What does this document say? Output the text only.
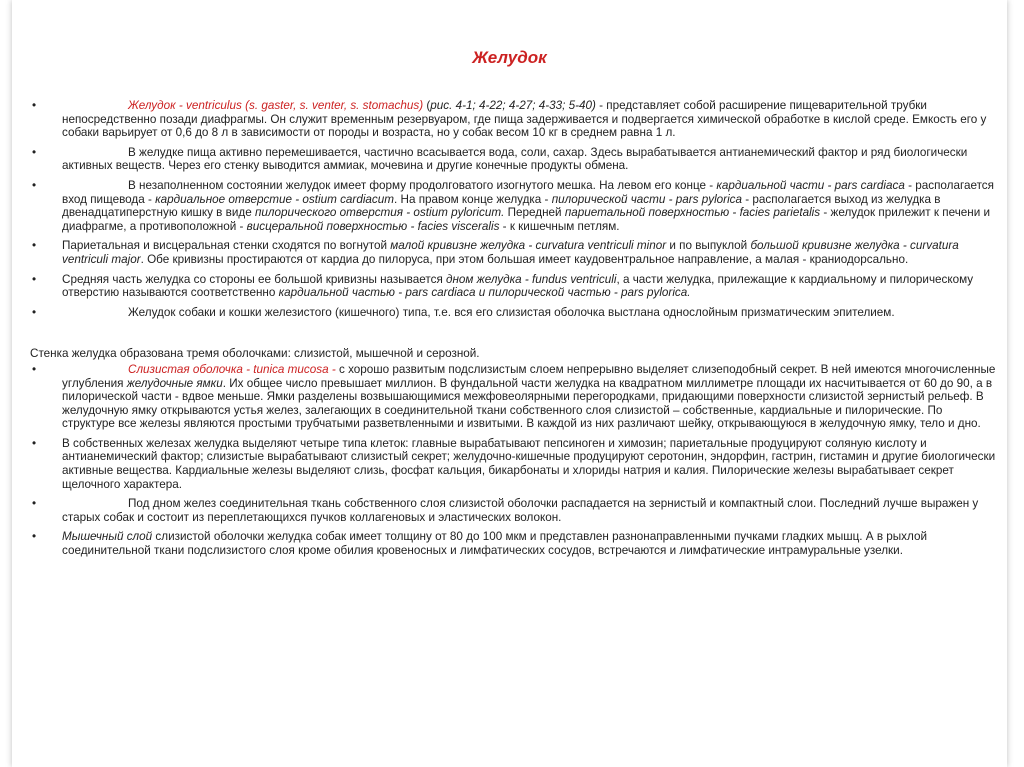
Желудок
•	Желудок - ventriculus (s. gaster, s. venter, s. stomachus) (рис. 4-1; 4-22; 4-27; 4-33; 5-40) - представляет собой расширение пищеварительной трубки непосредственно позади диафрагмы. Он служит временным резервуаром, где пища задерживается и подвергается химической обработке в кислой среде. Емкость его у собаки варьирует от 0,6 до 8 л в зависимости от породы и возраста, но у собак весом 10 кг в среднем равна 1 л.
•	В желудке пища активно перемешивается, частично всасывается вода, соли, сахар. Здесь вырабатывается антианемический фактор и ряд биологически активных веществ. Через его стенку выводится аммиак, мочевина и другие конечные продукты обмена.
•	В незаполненном состоянии желудок имеет форму продолговатого изогнутого мешка. На левом его конце - кардиальной части - pars cardiaca - располагается вход пищевода - кардиальное отверстие - ostium cardiacum. На правом конце желудка - пилорической части - pars pylorica - располагается выход из желудка в двенадцатиперстную кишку в виде пилорического отверстия - ostium pyloricum. Передней париетальной поверхностью - facies parietalis - желудок прилежит к печени и диафрагме, а противоположной - висцеральной поверхностью - facies visceralis - к кишечным петлям.
• Париетальная и висцеральная стенки сходятся по вогнутой малой кривизне желудка - curvatura ventriculi minor и по выпуклой большой кривизне желудка - curvatura ventriculi major. Обе кривизны простираются от кардиа до пилоруса, при этом большая имеет каудовентральное направление, а малая - краниодорсально.
• Средняя часть желудка со стороны ее большой кривизны называется дном желудка - fundus ventriculi, а части желудка, прилежащие к кардиальному и пилорическому отверстию называются соответственно кардиальной частью - pars cardiaca и пилорической частью - pars pylorica.
•	Желудок собаки и кошки железистого (кишечного) типа, т.е. вся его слизистая оболочка выстлана однослойным призматическим эпителием.
Стенка желудка образована тремя оболочками: слизистой, мышечной и серозной.
•	Слизистая оболочка - tunica mucosa - с хорошо развитым подслизистым слоем непрерывно выделяет слизеподобный секрет. В ней имеются многочисленные углубления желудочные ямки. Их общее число превышает миллион. В фундальной части желудка на квадратном миллиметре площади их насчитывается от 60 до 90, а в пилорической части - вдвое меньше. Ямки разделены возвышающимися межфовеолярными перегородками, придающими поверхности слизистой зернистый рельеф. В желудочную ямку открываются устья желез, залегающих в соединительной ткани собственного слоя слизистой – собственные, кардиальные и пилорические. По структуре все железы являются простыми трубчатыми разветвленными и извитыми. В каждой из них различают шейку, открывающуюся в желудочную ямку, тело и дно.
• В собственных железах желудка выделяют четыре типа клеток: главные вырабатывают пепсиноген и химозин; париетальные продуцируют соляную кислоту и антианемический фактор; слизистые вырабатывают слизистый секрет; желудочно-кишечные продуцируют серотонин, эндорфин, гастрин, гистамин и другие биологически активные вещества. Кардиальные железы выделяют слизь, фосфат кальция, бикарбонаты и хлориды натрия и калия. Пилорические железы вырабатывает секрет щелочного характера.
•	Под дном желез соединительная ткань собственного слоя слизистой оболочки распадается на зернистый и компактный слои. Последний лучше выражен у старых собак и состоит из переплетающихся пучков коллагеновых и эластических волокон.
• Мышечный слой слизистой оболочки желудка собак имеет толщину от 80 до 100 мкм и представлен разнонаправленными пучками гладких мышц. А в рыхлой соединительной ткани подслизистого слоя кроме обилия кровеносных и лимфатических сосудов, встречаются и лимфатические интрамуральные узелки.
